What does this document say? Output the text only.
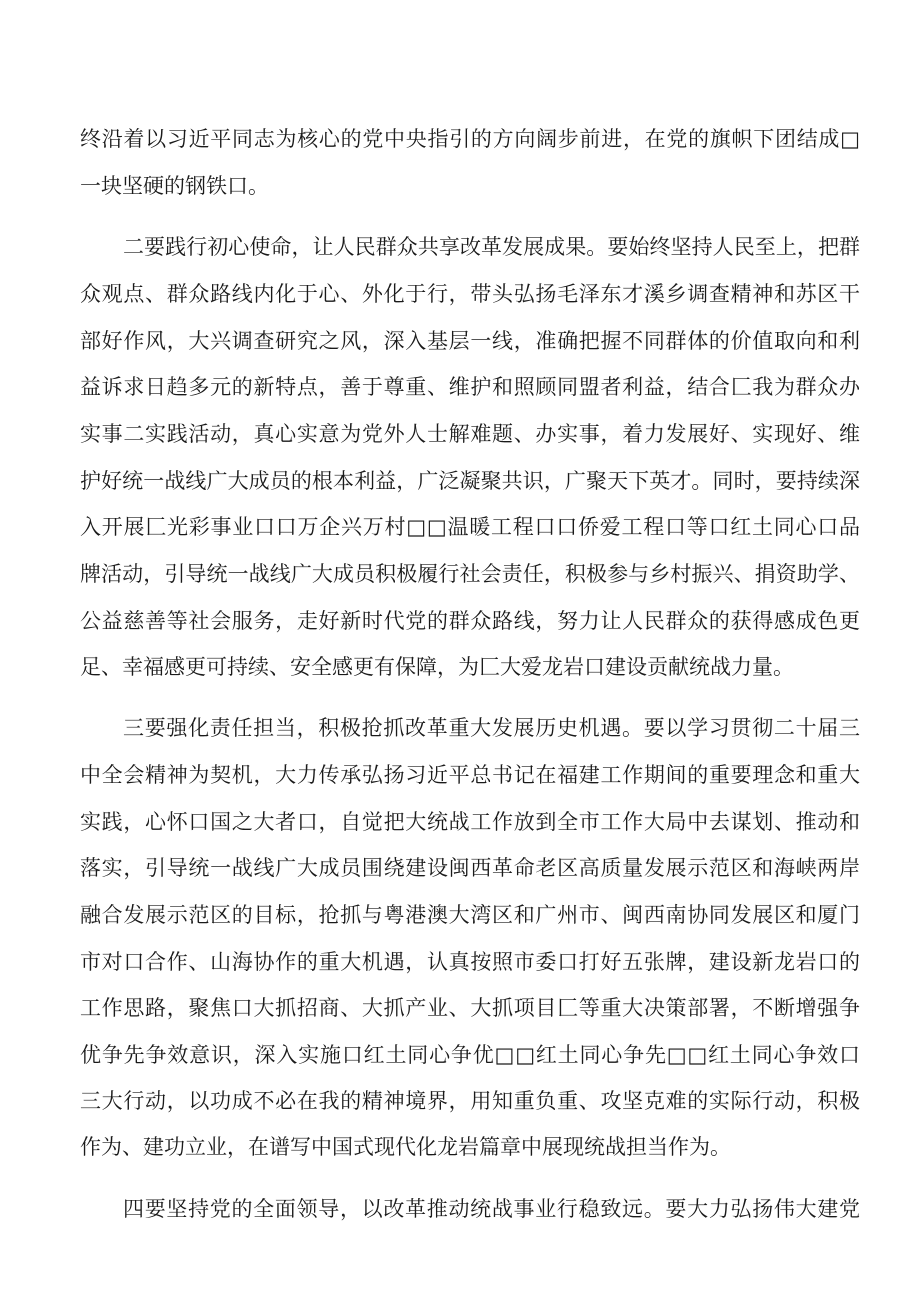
终沿着以习近平同志为核心的党中央指引的方向阔步前进，在党的旗帜下团结成□
一块坚硬的钢铁口。
二要践行初心使命，让人民群众共享改革发展成果。要始终坚持人民至上，把群
众观点、群众路线内化于心、外化于行，带头弘扬毛泽东才溪乡调查精神和苏区干
部好作风，大兴调查研究之风，深入基层一线，准确把握不同群体的价值取向和利
益诉求日趋多元的新特点，善于尊重、维护和照顾同盟者利益，结合匚我为群众办
实事二实践活动，真心实意为党外人士解难题、办实事，着力发展好、实现好、维
护好统一战线广大成员的根本利益，广泛凝聚共识，广聚天下英才。同时，要持续深
入开展匚光彩事业口口万企兴万村□□温暖工程口口侨爱工程口等口红土同心口品
牌活动，引导统一战线广大成员积极履行社会责任，积极参与乡村振兴、捐资助学、
公益慈善等社会服务，走好新时代党的群众路线，努力让人民群众的获得感成色更
足、幸福感更可持续、安全感更有保障，为匚大爱龙岩口建设贡献统战力量。
三要强化责任担当，积极抢抓改革重大发展历史机遇。要以学习贯彻二十届三
中全会精神为契机，大力传承弘扬习近平总书记在福建工作期间的重要理念和重大
实践，心怀口国之大者口，自觉把大统战工作放到全市工作大局中去谋划、推动和
落实，引导统一战线广大成员围绕建设闽西革命老区高质量发展示范区和海峡两岸
融合发展示范区的目标，抢抓与粤港澳大湾区和广州市、闽西南协同发展区和厦门
市对口合作、山海协作的重大机遇，认真按照市委口打好五张牌，建设新龙岩口的
工作思路，聚焦口大抓招商、大抓产业、大抓项目匚等重大决策部署，不断增强争
优争先争效意识，深入实施口红土同心争优□□红土同心争先□□红土同心争效口
三大行动，以功成不必在我的精神境界，用知重负重、攻坚克难的实际行动，积极
作为、建功立业，在谱写中国式现代化龙岩篇章中展现统战担当作为。
四要坚持党的全面领导，以改革推动统战事业行稳致远。要大力弘扬伟大建党
